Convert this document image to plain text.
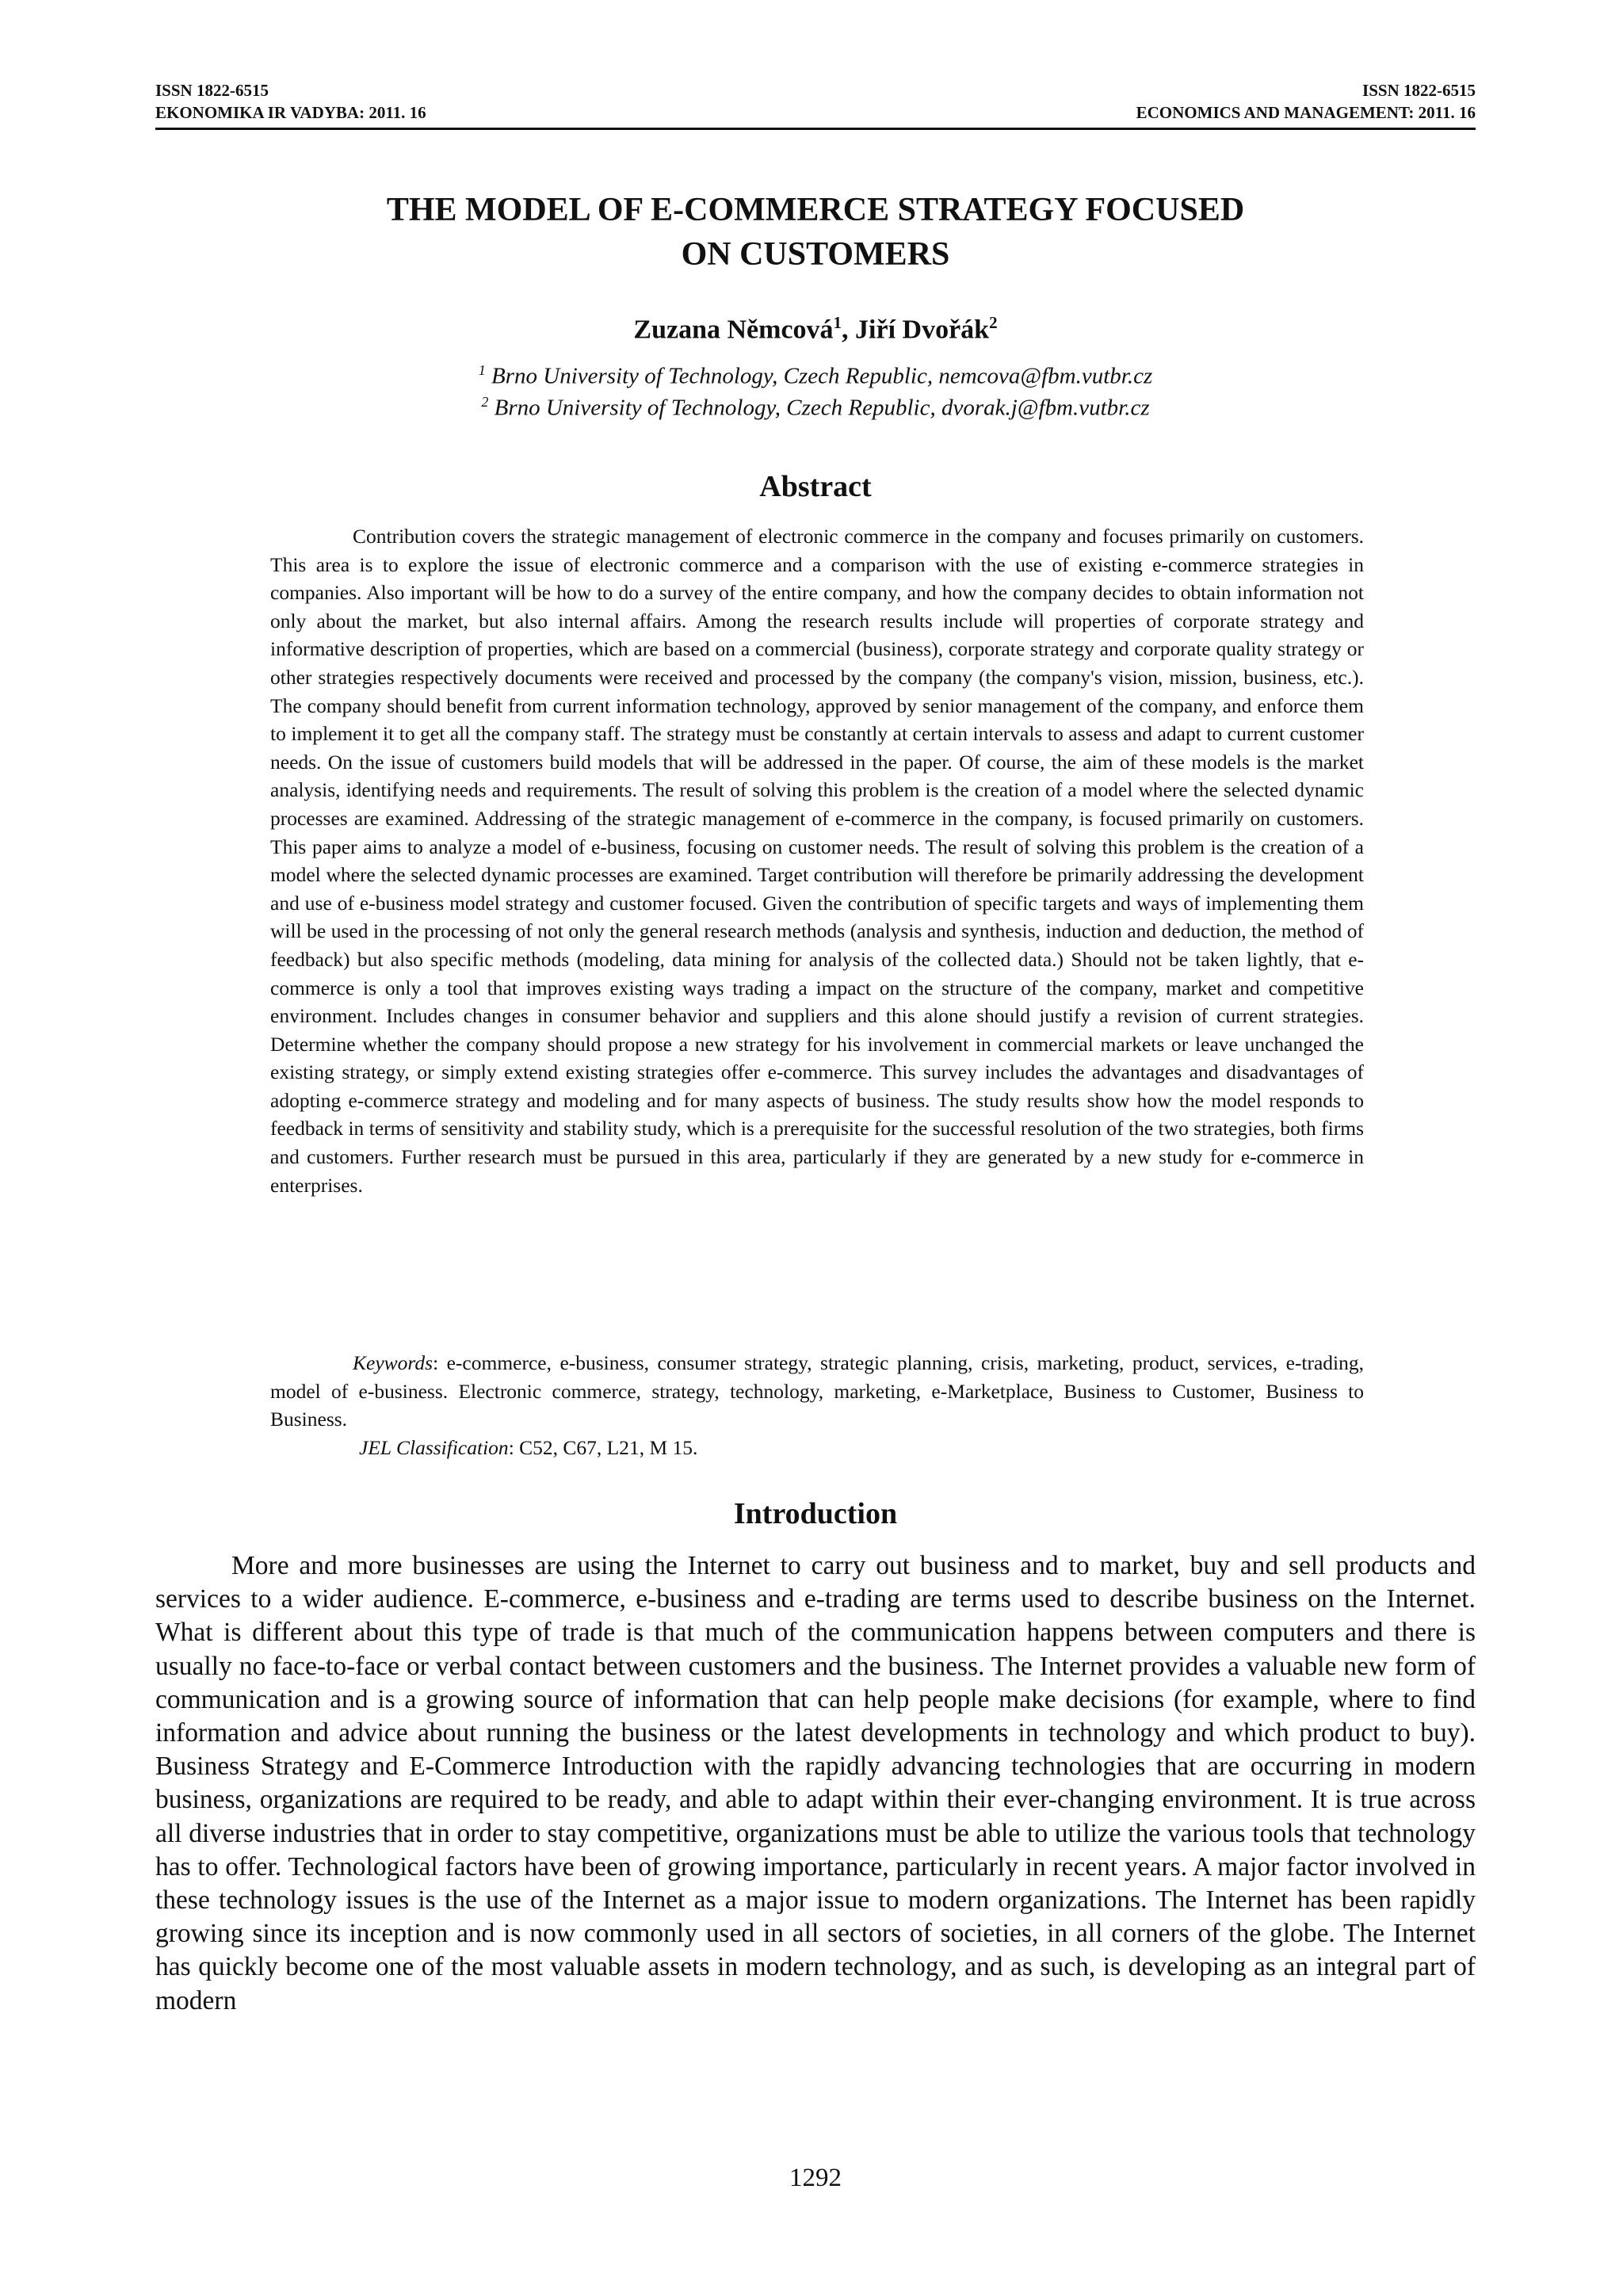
ISSN 1822-6515	ISSN 1822-6515
EKONOMIKA IR VADYBA: 2011. 16	ECONOMICS AND MANAGEMENT: 2011. 16
THE MODEL OF E-COMMERCE STRATEGY FOCUSED
ON CUSTOMERS
Zuzana Němcová$^1$, Jiří Dvořák$^2$
$^1$ Brno University of Technology, Czech Republic, nemcova@fbm.vutbr.cz
$^2$ Brno University of Technology, Czech Republic, dvorak.j@fbm.vutbr.cz
Abstract

Contribution covers the strategic management of electronic commerce in the company and focuses primarily on customers. This area is to explore the issue of electronic commerce and a comparison with the use of existing e-commerce strategies in companies. Also important will be how to do a survey of the entire company, and how the company decides to obtain information not only about the market, but also internal affairs. Among the research results include will properties of corporate strategy and informative description of properties, which are based on a commercial (business), corporate strategy and corporate quality strategy or other strategies respectively documents were received and processed by the company (the company's vision, mission, business, etc.). The company should benefit from current information technology, approved by senior management of the company, and enforce them to implement it to get all the company staff. The strategy must be constantly at certain intervals to assess and adapt to current customer needs. On the issue of customers build models that will be addressed in the paper. Of course, the aim of these models is the market analysis, identifying needs and requirements. The result of solving this problem is the creation of a model where the selected dynamic processes are examined. Addressing of the strategic management of e-commerce in the company, is focused primarily on customers. This paper aims to analyze a model of e-business, focusing on customer needs. The result of solving this problem is the creation of a model where the selected dynamic processes are examined. Target contribution will therefore be primarily addressing the development and use of e-business model strategy and customer focused. Given the contribution of specific targets and ways of implementing them will be used in the processing of not only the general research methods (analysis and synthesis, induction and deduction, the method of feedback) but also specific methods (modeling, data mining for analysis of the collected data.) Should not be taken lightly, that e-commerce is only a tool that improves existing ways trading a impact on the structure of the company, market and competitive environment. Includes changes in consumer behavior and suppliers and this alone should justify a revision of current strategies. Determine whether the company should propose a new strategy for his involvement in commercial markets or leave unchanged the existing strategy, or simply extend existing strategies offer e-commerce. This survey includes the advantages and disadvantages of adopting e-commerce strategy and modeling and for many aspects of business. The study results show how the model responds to feedback in terms of sensitivity and stability study, which is a prerequisite for the successful resolution of the two strategies, both firms and customers. Further research must be pursued in this area, particularly if they are generated by a new study for e-commerce in enterprises.

Keywords: e-commerce, e-business, consumer strategy, strategic planning, crisis, marketing, product, services, e-trading, model of e-business. Electronic commerce, strategy, technology, marketing, e-Marketplace, Business to Customer, Business to Business.

JEL Classification: C52, C67, L21, M 15.

Introduction

More and more businesses are using the Internet to carry out business and to market, buy and sell products and services to a wider audience. E-commerce, e-business and e-trading are terms used to describe business on the Internet. What is different about this type of trade is that much of the communication happens between computers and there is usually no face-to-face or verbal contact between customers and the business. The Internet provides a valuable new form of communication and is a growing source of information that can help people make decisions (for example, where to find information and advice about running the business or the latest developments in technology and which product to buy). Business Strategy and E-Commerce Introduction with the rapidly advancing technologies that are occurring in modern business, organizations are required to be ready, and able to adapt within their ever-changing environment. It is true across all diverse industries that in order to stay competitive, organizations must be able to utilize the various tools that technology has to offer. Technological factors have been of growing importance, particularly in recent years. A major factor involved in these technology issues is the use of the Internet as a major issue to modern organizations. The Internet has been rapidly growing since its inception and is now commonly used in all sectors of societies, in all corners of the globe. The Internet has quickly become one of the most valuable assets in modern technology, and as such, is developing as an integral part of modern

1292
